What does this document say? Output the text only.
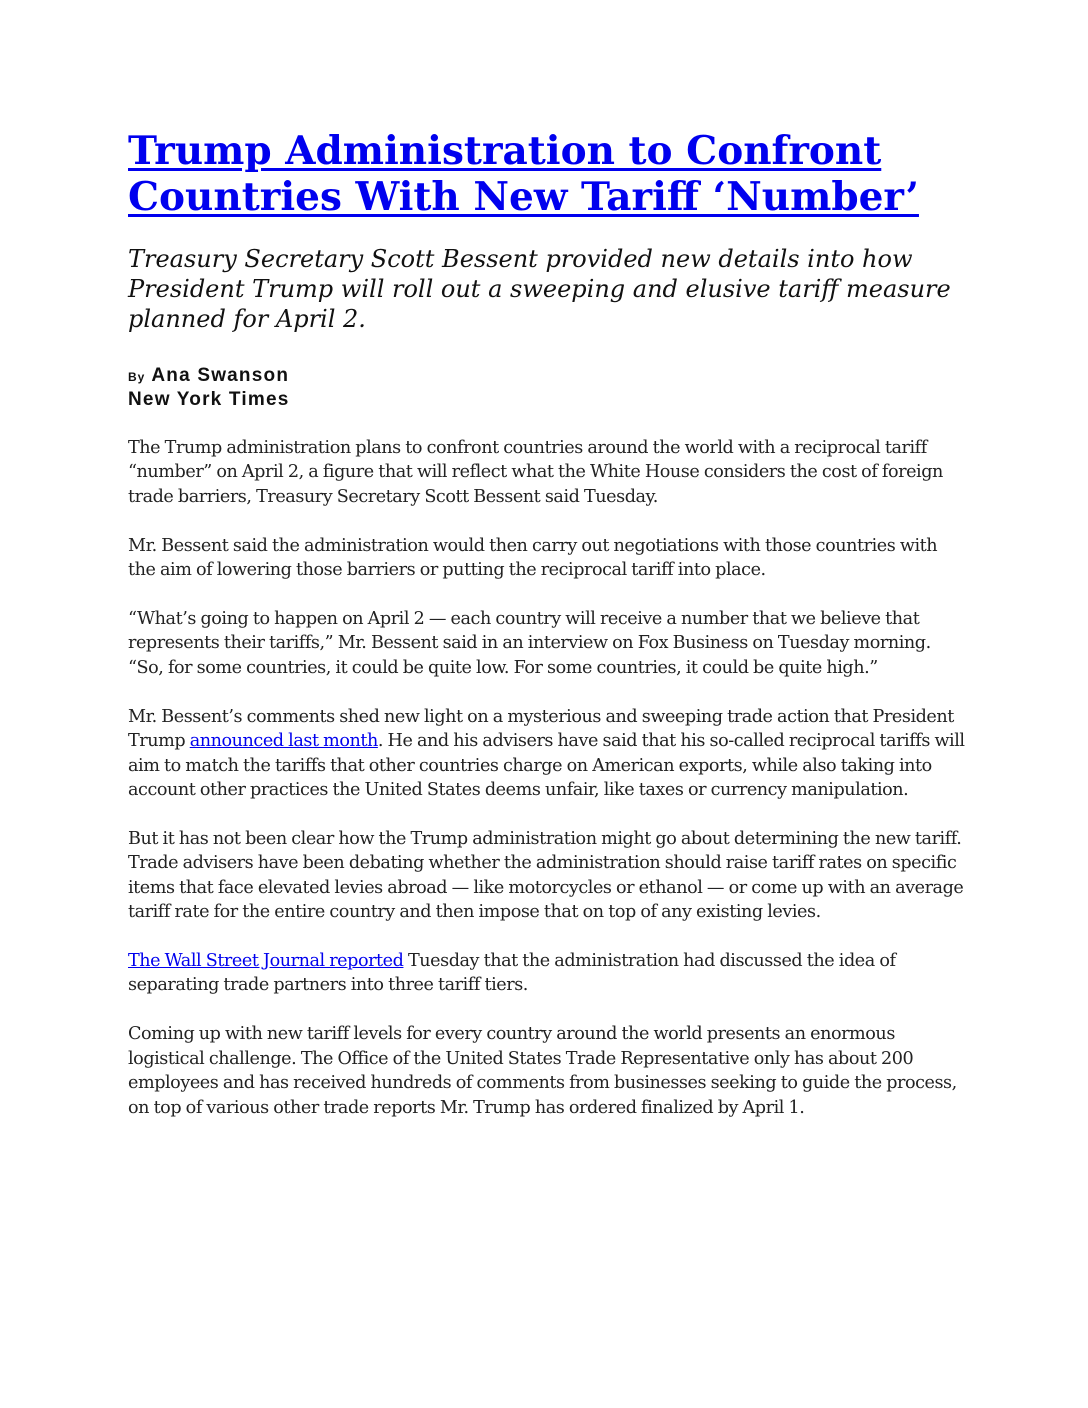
Trump Administration to Confront Countries With New Tariff ‘Number’

Treasury Secretary Scott Bessent provided new details into how President Trump will roll out a sweeping and elusive tariff measure planned for April 2.

By Ana Swanson
New York Times

The Trump administration plans to confront countries around the world with a reciprocal tariff “number” on April 2, a figure that will reflect what the White House considers the cost of foreign trade barriers, Treasury Secretary Scott Bessent said Tuesday.

Mr. Bessent said the administration would then carry out negotiations with those countries with the aim of lowering those barriers or putting the reciprocal tariff into place.

“What’s going to happen on April 2 — each country will receive a number that we believe that represents their tariffs,” Mr. Bessent said in an interview on Fox Business on Tuesday morning. “So, for some countries, it could be quite low. For some countries, it could be quite high.”

Mr. Bessent’s comments shed new light on a mysterious and sweeping trade action that President Trump announced last month. He and his advisers have said that his so-called reciprocal tariffs will aim to match the tariffs that other countries charge on American exports, while also taking into account other practices the United States deems unfair, like taxes or currency manipulation.

But it has not been clear how the Trump administration might go about determining the new tariff. Trade advisers have been debating whether the administration should raise tariff rates on specific items that face elevated levies abroad — like motorcycles or ethanol — or come up with an average tariff rate for the entire country and then impose that on top of any existing levies.

The Wall Street Journal reported Tuesday that the administration had discussed the idea of separating trade partners into three tariff tiers.

Coming up with new tariff levels for every country around the world presents an enormous logistical challenge. The Office of the United States Trade Representative only has about 200 employees and has received hundreds of comments from businesses seeking to guide the process, on top of various other trade reports Mr. Trump has ordered finalized by April 1.
